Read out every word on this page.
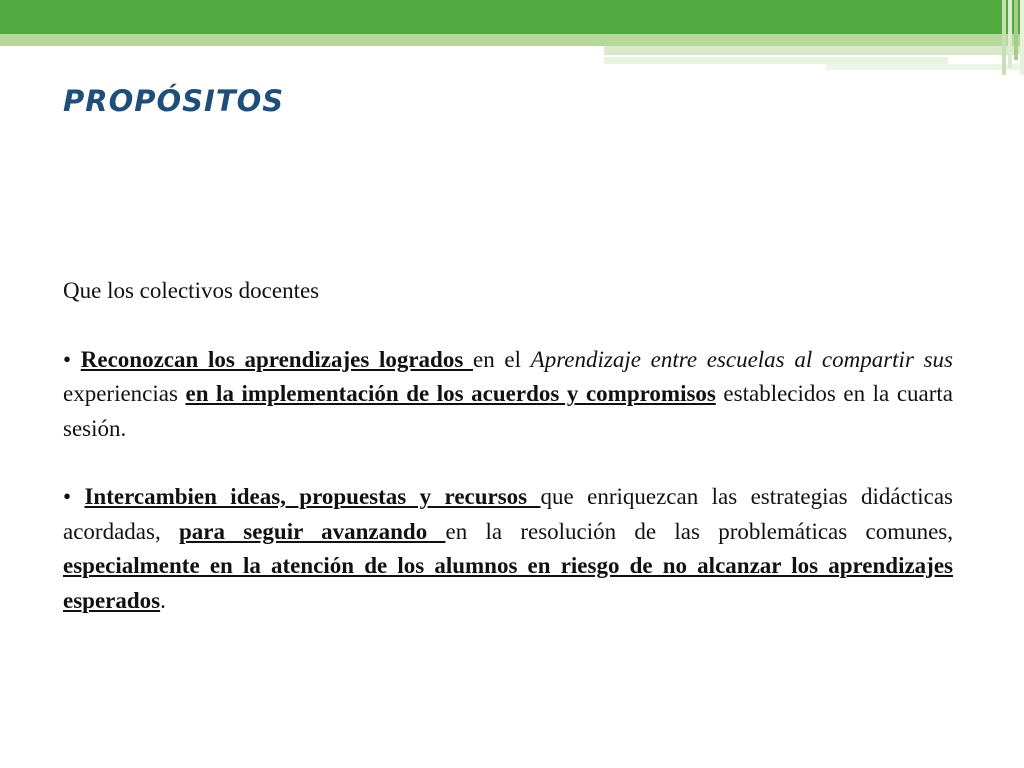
PROPÓSITOS

Que los colectivos docentes

• Reconozcan los aprendizajes logrados en el Aprendizaje entre escuelas al compartir sus experiencias en la implementación de los acuerdos y compromisos establecidos en la cuarta sesión.

• Intercambien ideas, propuestas y recursos que enriquezcan las estrategias didácticas acordadas, para seguir avanzando en la resolución de las problemáticas comunes, especialmente en la atención de los alumnos en riesgo de no alcanzar los aprendizajes esperados.
